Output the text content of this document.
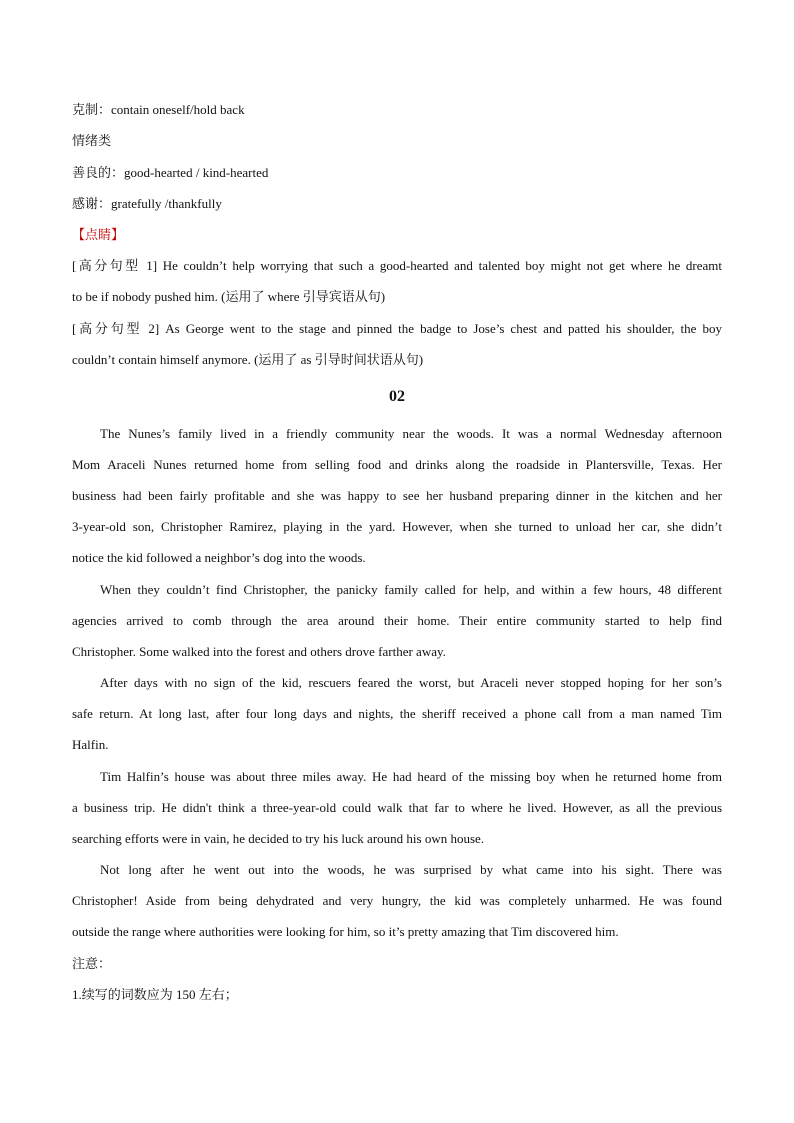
克制：contain oneself/hold back
情绪类
善良的：good-hearted / kind-hearted
感谢：gratefully /thankfully
【点睛】

[高分句型 1] He couldn’t help worrying that such a good-hearted and talented boy might not get where he dreamt

to be if nobody pushed him. (运用了 where 引导宾语从句)

[高分句型 2] As George went to the stage and pinned the badge to Jose’s chest and patted his shoulder, the boy

couldn’t contain himself anymore. (运用了 as 引导时间状语从句)

02

The Nunes’s family lived in a friendly community near the woods. It was a normal Wednesday afternoon

Mom Araceli Nunes returned home from selling food and drinks along the roadside in Plantersville, Texas. Her

business had been fairly profitable and she was happy to see her husband preparing dinner in the kitchen and her

3-year-old son, Christopher Ramirez, playing in the yard. However, when she turned to unload her car, she didn’t

notice the kid followed a neighbor’s dog into the woods.

When they couldn’t find Christopher, the panicky family called for help, and within a few hours, 48 different

agencies arrived to comb through the area around their home. Their entire community started to help find

Christopher. Some walked into the forest and others drove farther away.

After days with no sign of the kid, rescuers feared the worst, but Araceli never stopped hoping for her son’s

safe return. At long last, after four long days and nights, the sheriff received a phone call from a man named Tim

Halfin.

Tim Halfin’s house was about three miles away. He had heard of the missing boy when he returned home from

a business trip. He didn't think a three-year-old could walk that far to where he lived. However, as all the previous

searching efforts were in vain, he decided to try his luck around his own house.

Not long after he went out into the woods, he was surprised by what came into his sight. There was

Christopher! Aside from being dehydrated and very hungry, the kid was completely unharmed. He was found

outside the range where authorities were looking for him, so it’s pretty amazing that Tim discovered him.

注意：
1.续写的词数应为 150 左右；
